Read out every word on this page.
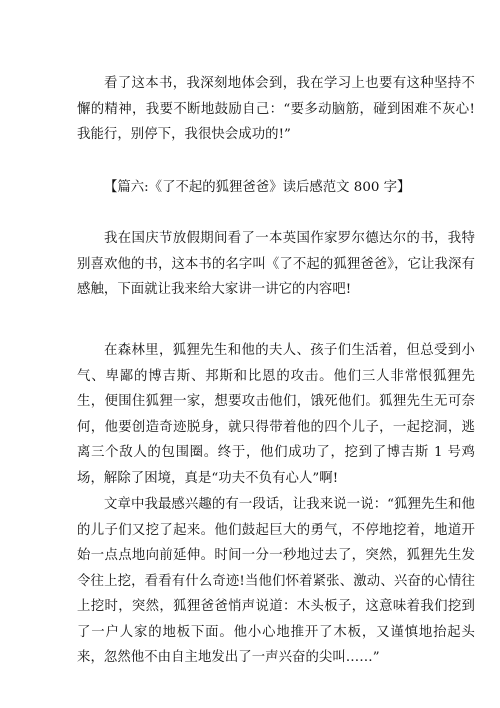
看了这本书，我深刻地体会到，我在学习上也要有这种坚持不懈的精神，我要不断地鼓励自己：“要多动脑筋，碰到困难不灰心!我能行，别停下，我很快会成功的!”

【篇六:《了不起的狐狸爸爸》读后感范文 800 字】

我在国庆节放假期间看了一本英国作家罗尔德达尔的书，我特别喜欢他的书，这本书的名字叫《了不起的狐狸爸爸》，它让我深有感触，下面就让我来给大家讲一讲它的内容吧!

在森林里，狐狸先生和他的夫人、孩子们生活着，但总受到小气、卑鄙的博吉斯、邦斯和比恩的攻击。他们三人非常恨狐狸先生，便围住狐狸一家，想要攻击他们，饿死他们。狐狸先生无可奈何，他要创造奇迹脱身，就只得带着他的四个儿子，一起挖洞，逃离三个敌人的包围圈。终于，他们成功了，挖到了博吉斯 1 号鸡场，解除了困境，真是“功夫不负有心人”啊!

文章中我最感兴趣的有一段话，让我来说一说：“狐狸先生和他的儿子们又挖了起来。他们鼓起巨大的勇气，不停地挖着，地道开始一点点地向前延伸。时间一分一秒地过去了，突然，狐狸先生发令往上挖，看看有什么奇迹!当他们怀着紧张、激动、兴奋的心情往上挖时，突然，狐狸爸爸悄声说道：木头板子，这意味着我们挖到了一户人家的地板下面。他小心地推开了木板，又谨慎地抬起头来，忽然他不由自主地发出了一声兴奋的尖叫……”
